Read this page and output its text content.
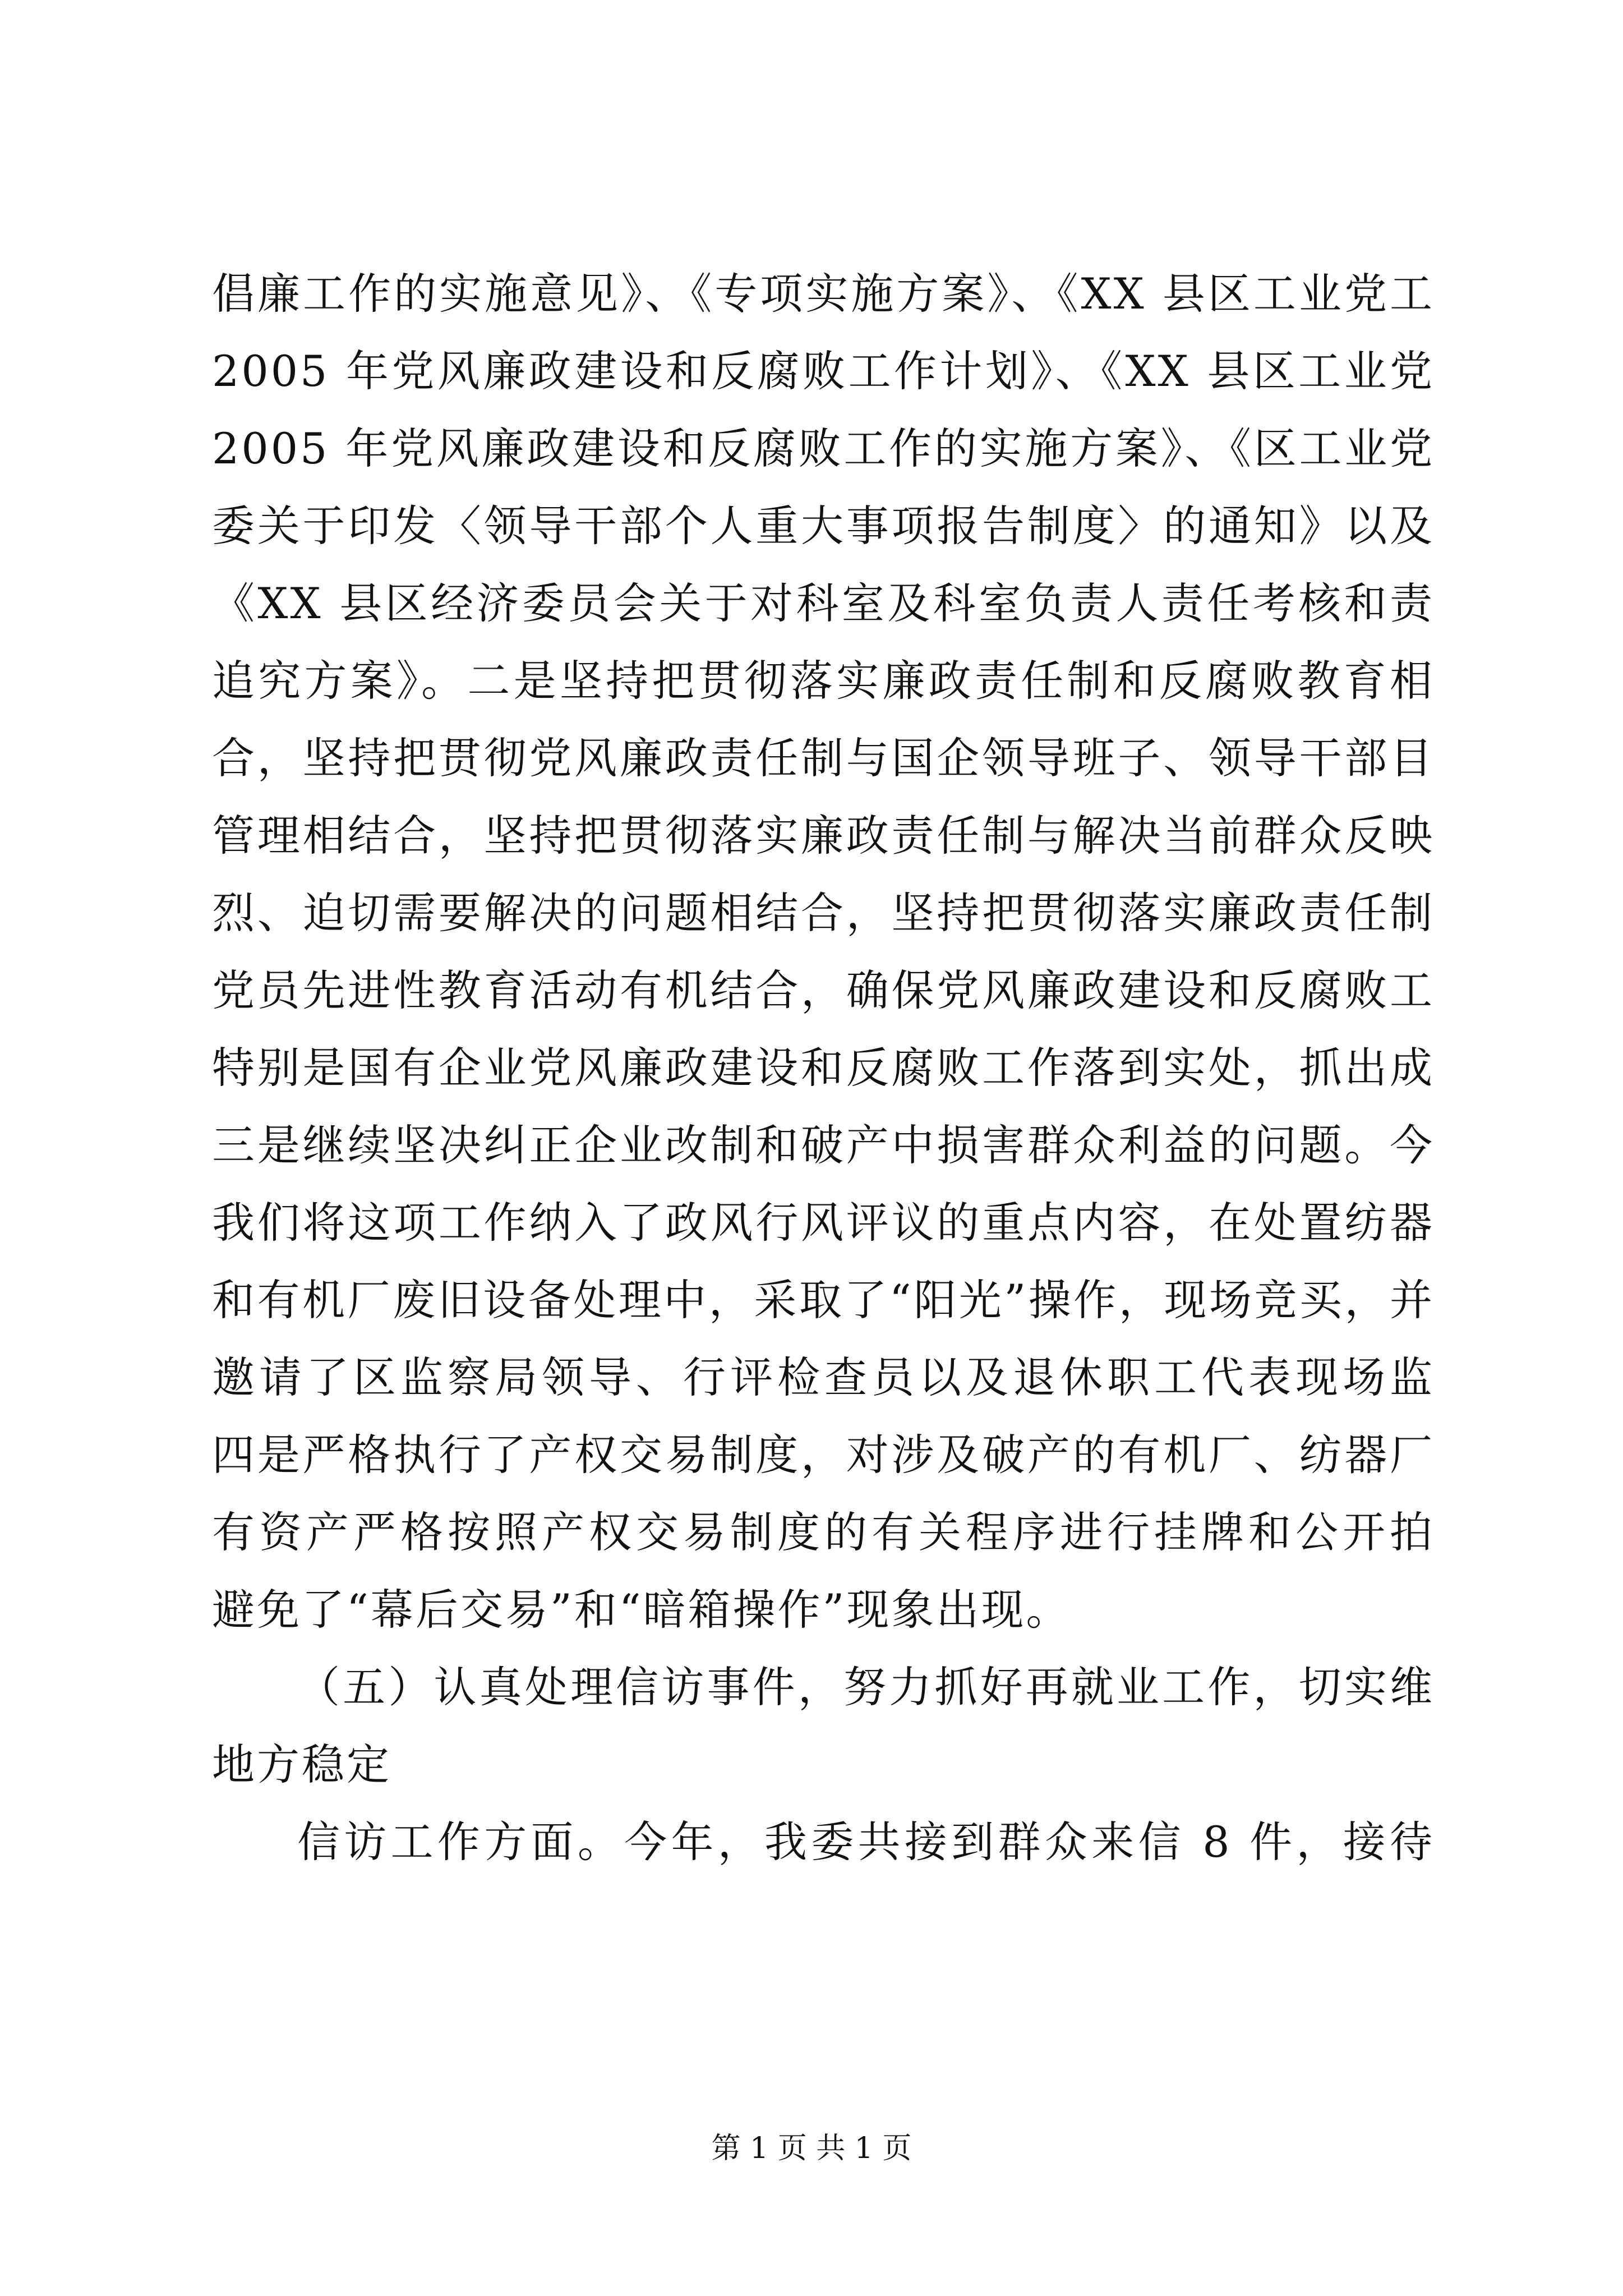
倡廉工作的实施意见》、《专项实施方案》、《XX 县区工业党工
2005 年党风廉政建设和反腐败工作计划》、《XX 县区工业党
2005 年党风廉政建设和反腐败工作的实施方案》、《区工业党
委关于印发〈领导干部个人重大事项报告制度〉的通知》以及
《XX 县区经济委员会关于对科室及科室负责人责任考核和责
追究方案》。二是坚持把贯彻落实廉政责任制和反腐败教育相
合，坚持把贯彻党风廉政责任制与国企领导班子、领导干部目
管理相结合，坚持把贯彻落实廉政责任制与解决当前群众反映
烈、迫切需要解决的问题相结合，坚持把贯彻落实廉政责任制
党员先进性教育活动有机结合，确保党风廉政建设和反腐败工
特别是国有企业党风廉政建设和反腐败工作落到实处，抓出成
三是继续坚决纠正企业改制和破产中损害群众利益的问题。今
我们将这项工作纳入了政风行风评议的重点内容，在处置纺器
和有机厂废旧设备处理中，采取了“阳光”操作，现场竞买，并
邀请了区监察局领导、行评检查员以及退休职工代表现场监
四是严格执行了产权交易制度，对涉及破产的有机厂、纺器厂
有资产严格按照产权交易制度的有关程序进行挂牌和公开拍
避免了“幕后交易”和“暗箱操作”现象出现。
（五）认真处理信访事件，努力抓好再就业工作，切实维
地方稳定
信访工作方面。今年，我委共接到群众来信 8 件，接待
第 1 页 共 1 页
